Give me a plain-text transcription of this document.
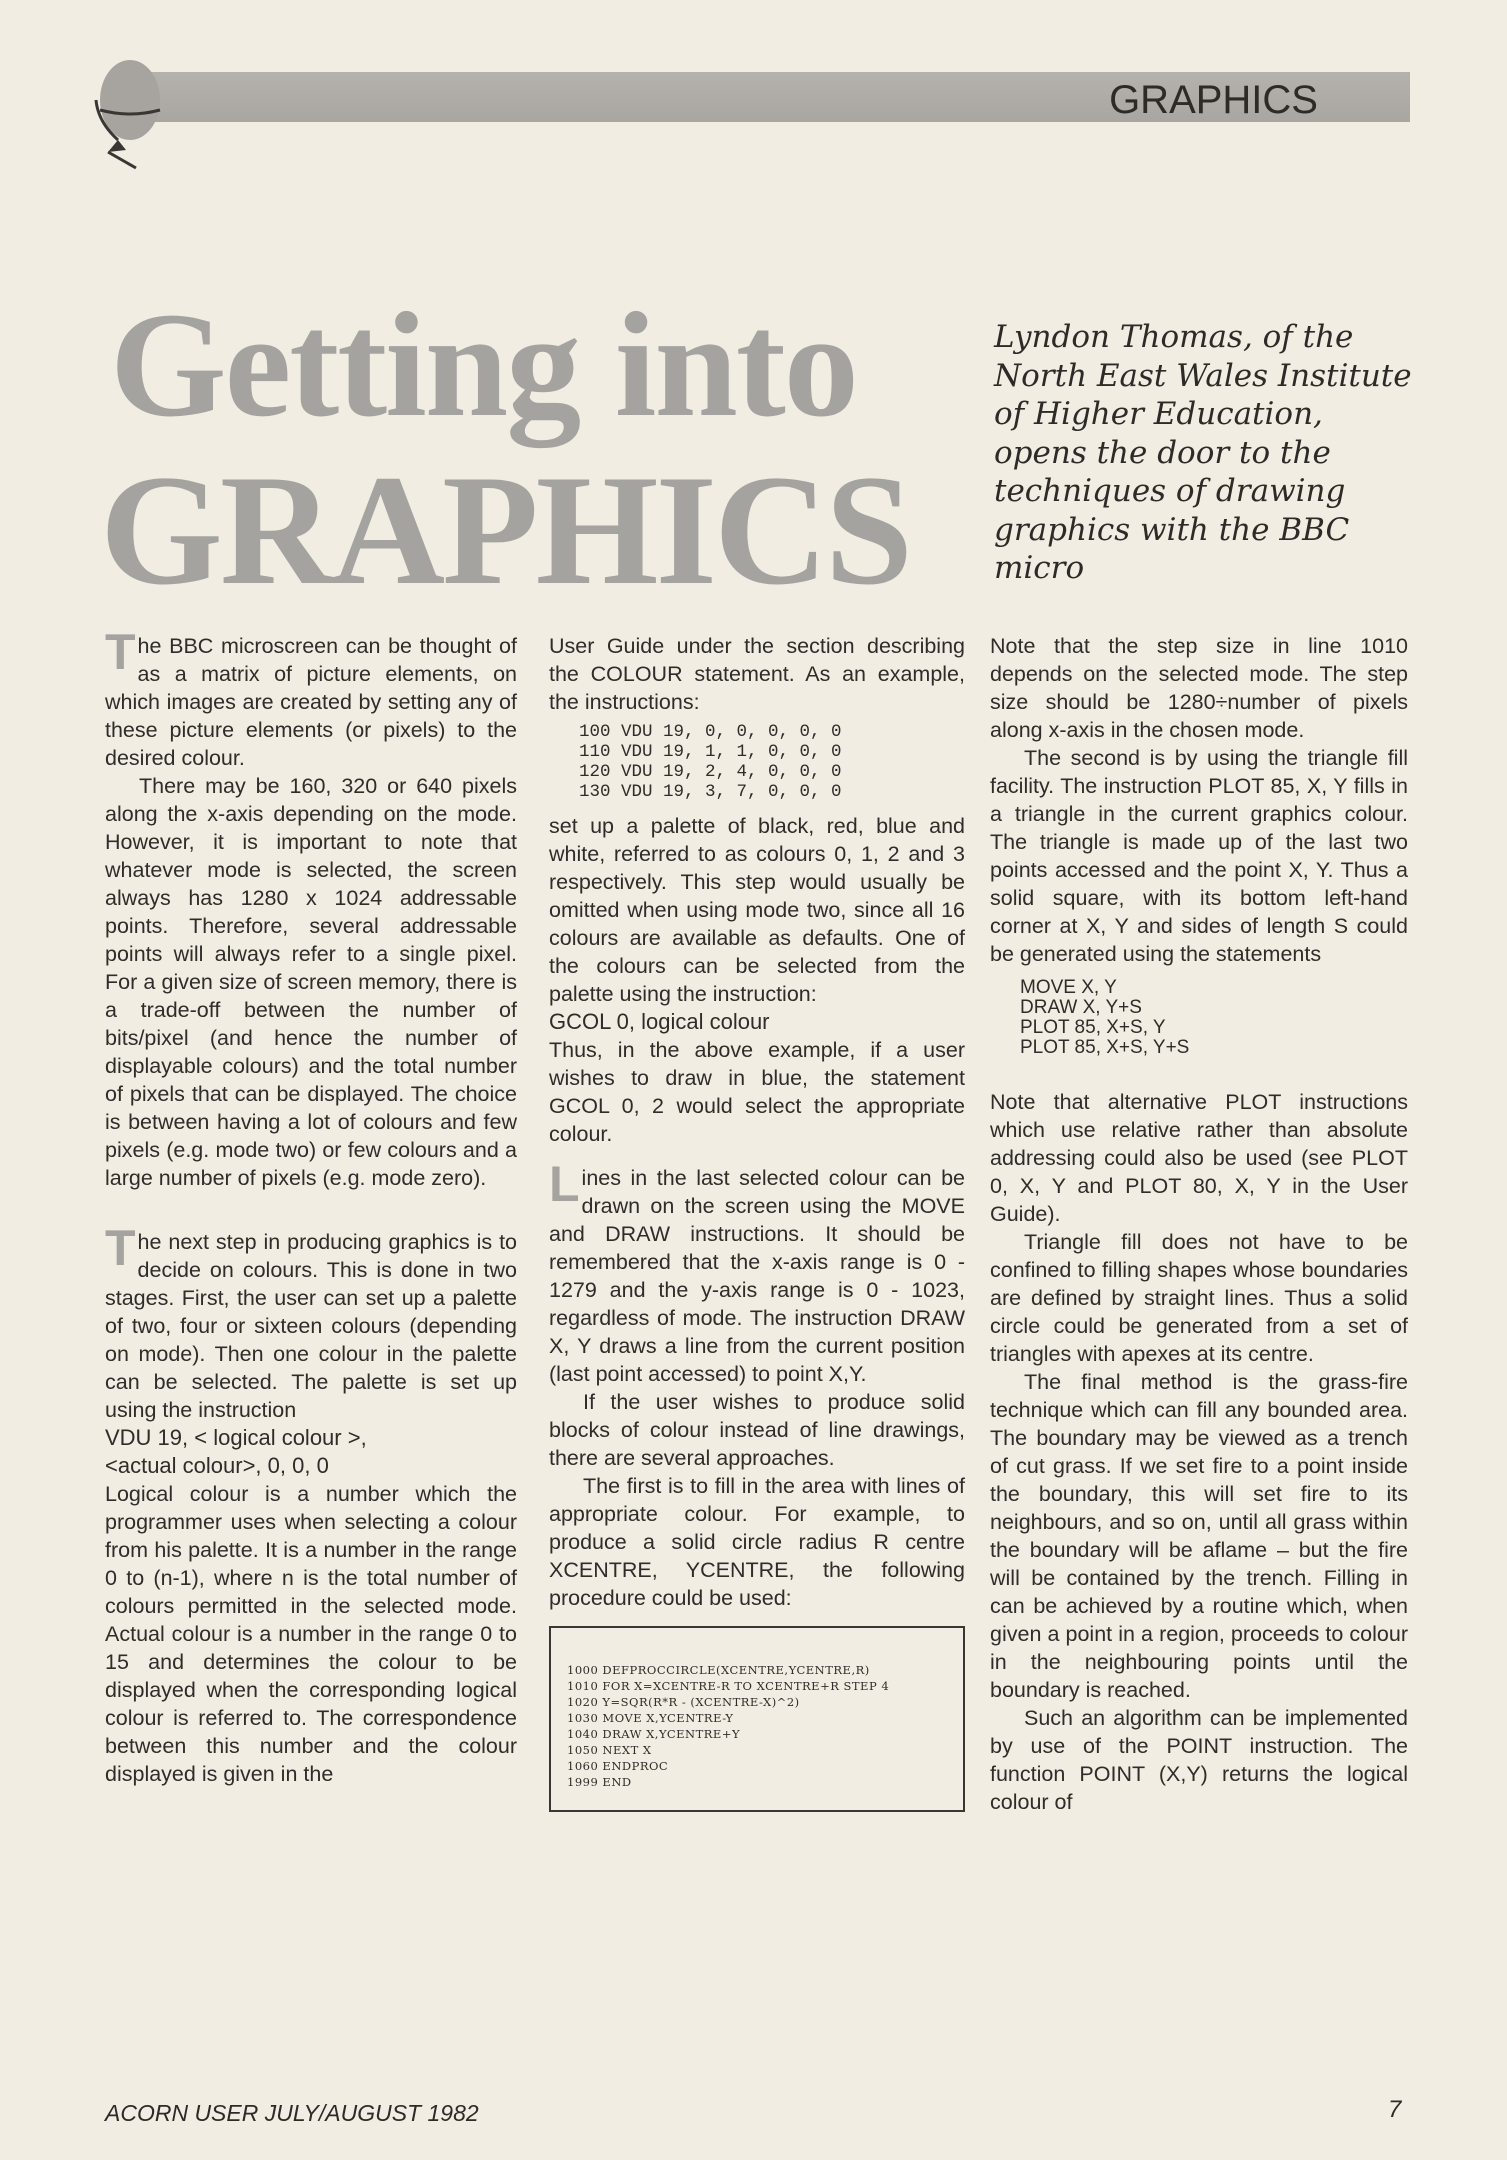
GRAPHICS
Getting into
GRAPHICS
Lyndon Thomas, of the North East Wales Institute of Higher Education, opens the door to the techniques of drawing graphics with the BBC micro

The BBC microscreen can be thought of as a matrix of picture elements, on which images are created by setting any of these picture elements (or pixels) to the desired colour.

There may be 160, 320 or 640 pixels along the x-axis depending on the mode. However, it is important to note that whatever mode is selected, the screen always has 1280 x 1024 addressable points. Therefore, several addressable points will always refer to a single pixel. For a given size of screen memory, there is a trade-off between the number of bits/pixel (and hence the number of displayable colours) and the total number of pixels that can be displayed. The choice is between having a lot of colours and few pixels (e.g. mode two) or few colours and a large number of pixels (e.g. mode zero).

The next step in producing graphics is to decide on colours. This is done in two stages. First, the user can set up a palette of two, four or sixteen colours (depending on mode). Then one colour in the palette can be selected. The palette is set up using the instruction

VDU 19, < logical colour >,

<actual colour>, 0, 0, 0

Logical colour is a number which the programmer uses when selecting a colour from his palette. It is a number in the range 0 to (n-1), where n is the total number of colours permitted in the selected mode. Actual colour is a number in the range 0 to 15 and determines the colour to be displayed when the corresponding logical colour is referred to. The correspondence between this number and the colour displayed is given in the

User Guide under the section describing the COLOUR statement. As an example, the instructions:

100 VDU 19, 0, 0, 0, 0, 0
110 VDU 19, 1, 1, 0, 0, 0
120 VDU 19, 2, 4, 0, 0, 0
130 VDU 19, 3, 7, 0, 0, 0

set up a palette of black, red, blue and white, referred to as colours 0, 1, 2 and 3 respectively. This step would usually be omitted when using mode two, since all 16 colours are available as defaults. One of the colours can be selected from the palette using the instruction:

GCOL 0, logical colour

Thus, in the above example, if a user wishes to draw in blue, the statement GCOL 0, 2 would select the appropriate colour.

Lines in the last selected colour can be drawn on the screen using the MOVE and DRAW instructions. It should be remembered that the x-axis range is 0 - 1279 and the y-axis range is 0 - 1023, regardless of mode. The instruction DRAW X, Y draws a line from the current position (last point accessed) to point X,Y.

If the user wishes to produce solid blocks of colour instead of line drawings, there are several approaches.

The first is to fill in the area with lines of appropriate colour. For example, to produce a solid circle radius R centre XCENTRE, YCENTRE, the following procedure could be used:

1000 DEFPROCCIRCLE(XCENTRE,YCENTRE,R)
1010 FOR X=XCENTRE-R TO XCENTRE+R STEP 4
1020 Y=SQR(R*R - (XCENTRE-X)^2)
1030 MOVE X,YCENTRE-Y
1040 DRAW X,YCENTRE+Y
1050 NEXT X
1060 ENDPROC
1999 END

Note that the step size in line 1010 depends on the selected mode. The step size should be 1280÷number of pixels along x-axis in the chosen mode.

The second is by using the triangle fill facility. The instruction PLOT 85, X, Y fills in a triangle in the current graphics colour. The triangle is made up of the last two points accessed and the point X, Y. Thus a solid square, with its bottom left-hand corner at X, Y and sides of length S could be generated using the statements

MOVE X, Y
DRAW X, Y+S
PLOT 85, X+S, Y
PLOT 85, X+S, Y+S

Note that alternative PLOT instructions which use relative rather than absolute addressing could also be used (see PLOT 0, X, Y and PLOT 80, X, Y in the User Guide).

Triangle fill does not have to be confined to filling shapes whose boundaries are defined by straight lines. Thus a solid circle could be generated from a set of triangles with apexes at its centre.

The final method is the grass-fire technique which can fill any bounded area. The boundary may be viewed as a trench of cut grass. If we set fire to a point inside the boundary, this will set fire to its neighbours, and so on, until all grass within the boundary will be aflame – but the fire will be contained by the trench. Filling in can be achieved by a routine which, when given a point in a region, proceeds to colour in the neighbouring points until the boundary is reached.

Such an algorithm can be implemented by use of the POINT instruction. The function POINT (X,Y) returns the logical colour of

ACORN USER JULY/AUGUST 1982	7
